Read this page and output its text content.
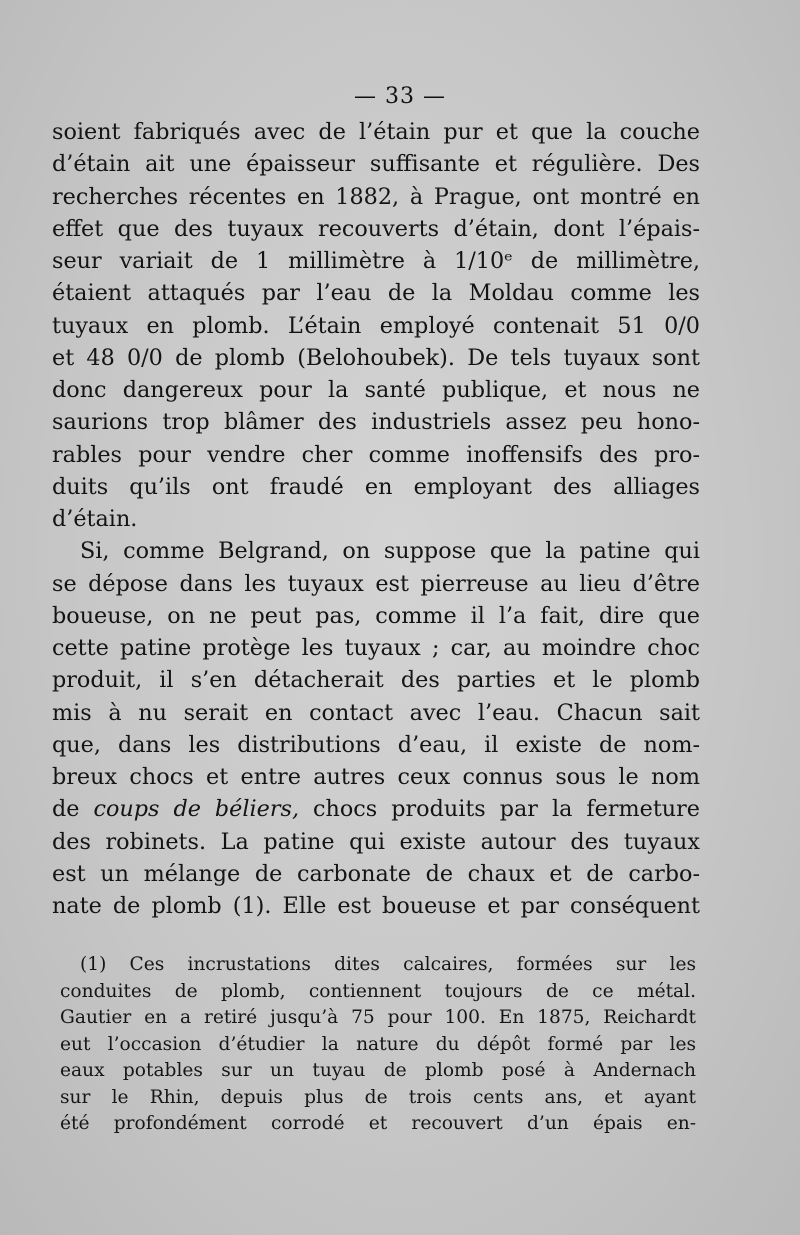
— 33 —
soient fabriqués avec de l’étain pur et que la couche
d’étain ait une épaisseur suffisante et régulière. Des
recherches récentes en 1882, à Prague, ont montré en
effet que des tuyaux recouverts d’étain, dont l’épais-
seur variait de 1 millimètre à 1/10ᵉ de millimètre,
étaient attaqués par l’eau de la Moldau comme les
tuyaux en plomb. L’étain employé contenait 51 0/0
et 48 0/0 de plomb (Belohoubek). De tels tuyaux sont
donc dangereux pour la santé publique, et nous ne
saurions trop blâmer des industriels assez peu hono-
rables pour vendre cher comme inoffensifs des pro-
duits qu’ils ont fraudé en employant des alliages
d’étain.
Si, comme Belgrand, on suppose que la patine qui
se dépose dans les tuyaux est pierreuse au lieu d’être
boueuse, on ne peut pas, comme il l’a fait, dire que
cette patine protège les tuyaux ; car, au moindre choc
produit, il s’en détacherait des parties et le plomb
mis à nu serait en contact avec l’eau. Chacun sait
que, dans les distributions d’eau, il existe de nom-
breux chocs et entre autres ceux connus sous le nom
de coups de béliers, chocs produits par la fermeture
des robinets. La patine qui existe autour des tuyaux
est un mélange de carbonate de chaux et de carbo-
nate de plomb (1). Elle est boueuse et par conséquent
(1) Ces incrustations dites calcaires, formées sur les
conduites de plomb, contiennent toujours de ce métal.
Gautier en a retiré jusqu’à 75 pour 100. En 1875, Reichardt
eut l’occasion d’étudier la nature du dépôt formé par les
eaux potables sur un tuyau de plomb posé à Andernach
sur le Rhin, depuis plus de trois cents ans, et ayant
été profondément corrodé et recouvert d’un épais en-
